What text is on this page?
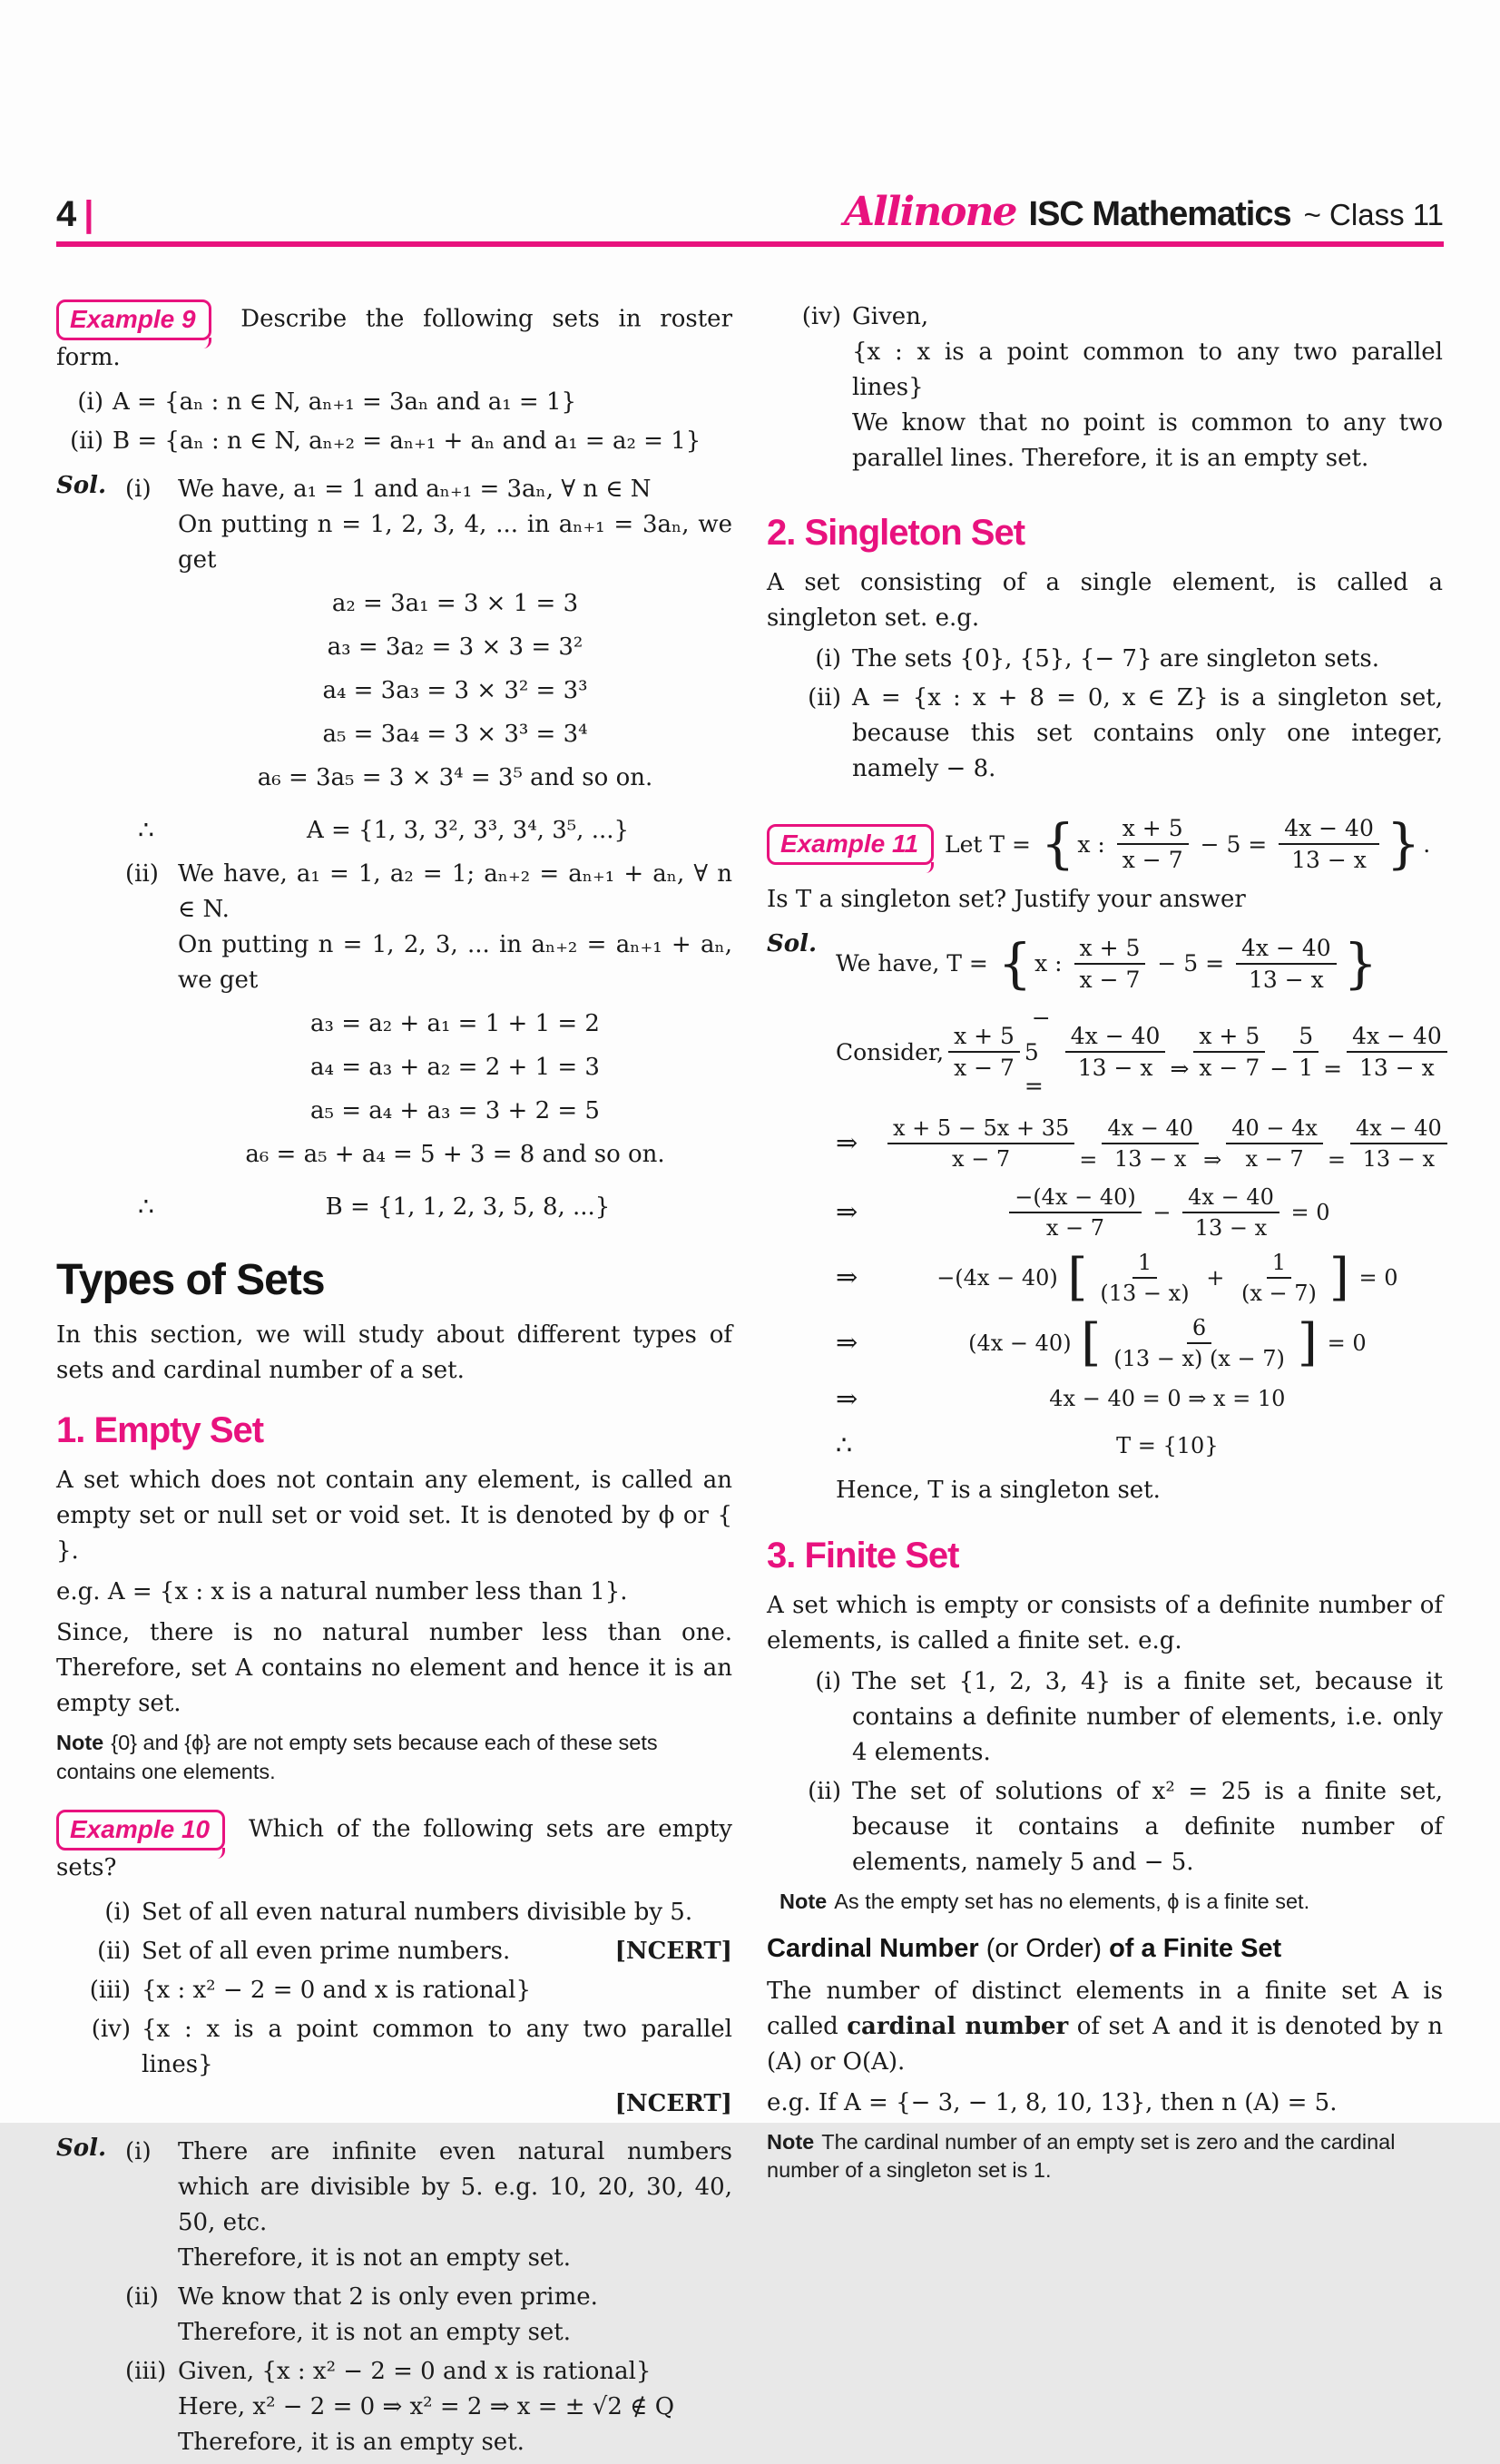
4 |	Allinone ISC Mathematics ~ Class 11
Example 9 Describe the following sets in roster form.
(i) A = {aₙ : n ∈ N, aₙ₊₁ = 3aₙ and a₁ = 1}
(ii) B = {aₙ : n ∈ N, aₙ₊₂ = aₙ₊₁ + aₙ and a₁ = a₂ = 1}
Sol. (i)	We have, a₁ = 1 and aₙ₊₁ = 3aₙ, ∀ n ∈ N
On putting n = 1, 2, 3, 4, ... in aₙ₊₁ = 3aₙ, we get
a₂ = 3a₁ = 3 × 1 = 3
a₃ = 3a₂ = 3 × 3 = 3²
a₄ = 3a₃ = 3 × 3² = 3³
a₅ = 3a₄ = 3 × 3³ = 3⁴
a₆ = 3a₅ = 3 × 3⁴ = 3⁵ and so on.
∴	A = {1, 3, 3², 3³, 3⁴, 3⁵, ...}
(ii) We have, a₁ = 1, a₂ = 1; aₙ₊₂ = aₙ₊₁ + aₙ, ∀ n ∈ N.
On putting n = 1, 2, 3, ... in aₙ₊₂ = aₙ₊₁ + aₙ, we get
a₃ = a₂ + a₁ = 1 + 1 = 2
a₄ = a₃ + a₂ = 2 + 1 = 3
a₅ = a₄ + a₃ = 3 + 2 = 5
a₆ = a₅ + a₄ = 5 + 3 = 8 and so on.
∴	B = {1, 1, 2, 3, 5, 8, ...}
Types of Sets

In this section, we will study about different types of sets and cardinal number of a set.

1. Empty Set

A set which does not contain any element, is called an empty set or null set or void set. It is denoted by ϕ or { }.

e.g. A = {x : x is a natural number less than 1}.

Since, there is no natural number less than one. Therefore, set A contains no element and hence it is an empty set.

Note {0} and {ϕ} are not empty sets because each of these sets contains one elements.
Example 10 Which of the following sets are empty sets?
(i) Set of all even natural numbers divisible by 5.
(ii)	[NCERT]
Set of all even prime numbers.
(iii) {x : x² − 2 = 0 and x is rational}
(iv) {x : x is a point common to any two parallel lines}
[NCERT]
Sol. (i)	There are infinite even natural numbers which are divisible by 5. e.g. 10, 20, 30, 40, 50, etc.
Therefore, it is not an empty set.
(ii) We know that 2 is only even prime.
Therefore, it is not an empty set.
(iii) Given, {x : x² − 2 = 0 and x is rational}
Here, x² − 2 = 0 ⇒ x² = 2 ⇒ x = ± √2 ∉ Q
Therefore, it is an empty set.
(iv) Given,
{x : x is a point common to any two parallel lines}
We know that no point is common to any two parallel lines. Therefore, it is an empty set.
2. Singleton Set

A set consisting of a single element, is called a singleton set. e.g.

(i) The sets {0}, {5}, {− 7} are singleton sets.
(ii) A = {x : x + 8 = 0, x ∈ Z} is a singleton set, because this set contains only one integer, namely − 8.
Example 11	Let T = { x : $\frac{x + 5}{x - 7} - 5 = \frac{4x - 40}{13 - x}$ } .

Is T a singleton set? Justify your answer

Sol.
We have, T = { x : $\frac{x + 5}{x - 7} - 5 = \frac{4x - 40}{13 - x}$ }
Consider,
$\frac{x + 5}{x - 7}$
− 5 =
$\frac{4x - 40}{13 - x}$ ⇒
$\frac{x + 5}{x - 7}$ −
$\frac{5}{1}$ =
$\frac{4x - 40}{13 - x}$
⇒	$\frac{x + 5 - 5x + 35}{x - 7}$ =
$\frac{4x - 40}{13 - x}$ ⇒
$\frac{40 - 4x}{x - 7}$ =
$\frac{4x - 40}{13 - x}$
⇒	$\frac{-(4x - 40)}{x - 7} - \frac{4x - 40}{13 - x} = 0$
⇒	−(4x − 40) [ $\frac{1}{(13 - x)} + \frac{1}{(x - 7)}$ ] = 0
⇒	(4x − 40) [ $\frac{6}{(13 - x) (x - 7)}$ ] = 0
⇒	4x − 40 = 0 ⇒ x = 10
∴	T = {10}
Hence, T is a singleton set.
3. Finite Set

A set which is empty or consists of a definite number of elements, is called a finite set. e.g.

(i) The set {1, 2, 3, 4} is a finite set, because it contains a definite number of elements, i.e. only 4 elements.
(ii) The set of solutions of x² = 25 is a finite set, because it contains a definite number of elements, namely 5 and − 5.
Note As the empty set has no elements, ϕ is a finite set.
Cardinal Number (or Order) of a Finite Set

The number of distinct elements in a finite set A is called cardinal number of set A and it is denoted by n (A) or O(A).

e.g. If A = {− 3, − 1, 8, 10, 13}, then n (A) = 5.

Note The cardinal number of an empty set is zero and the cardinal number of a singleton set is 1.
